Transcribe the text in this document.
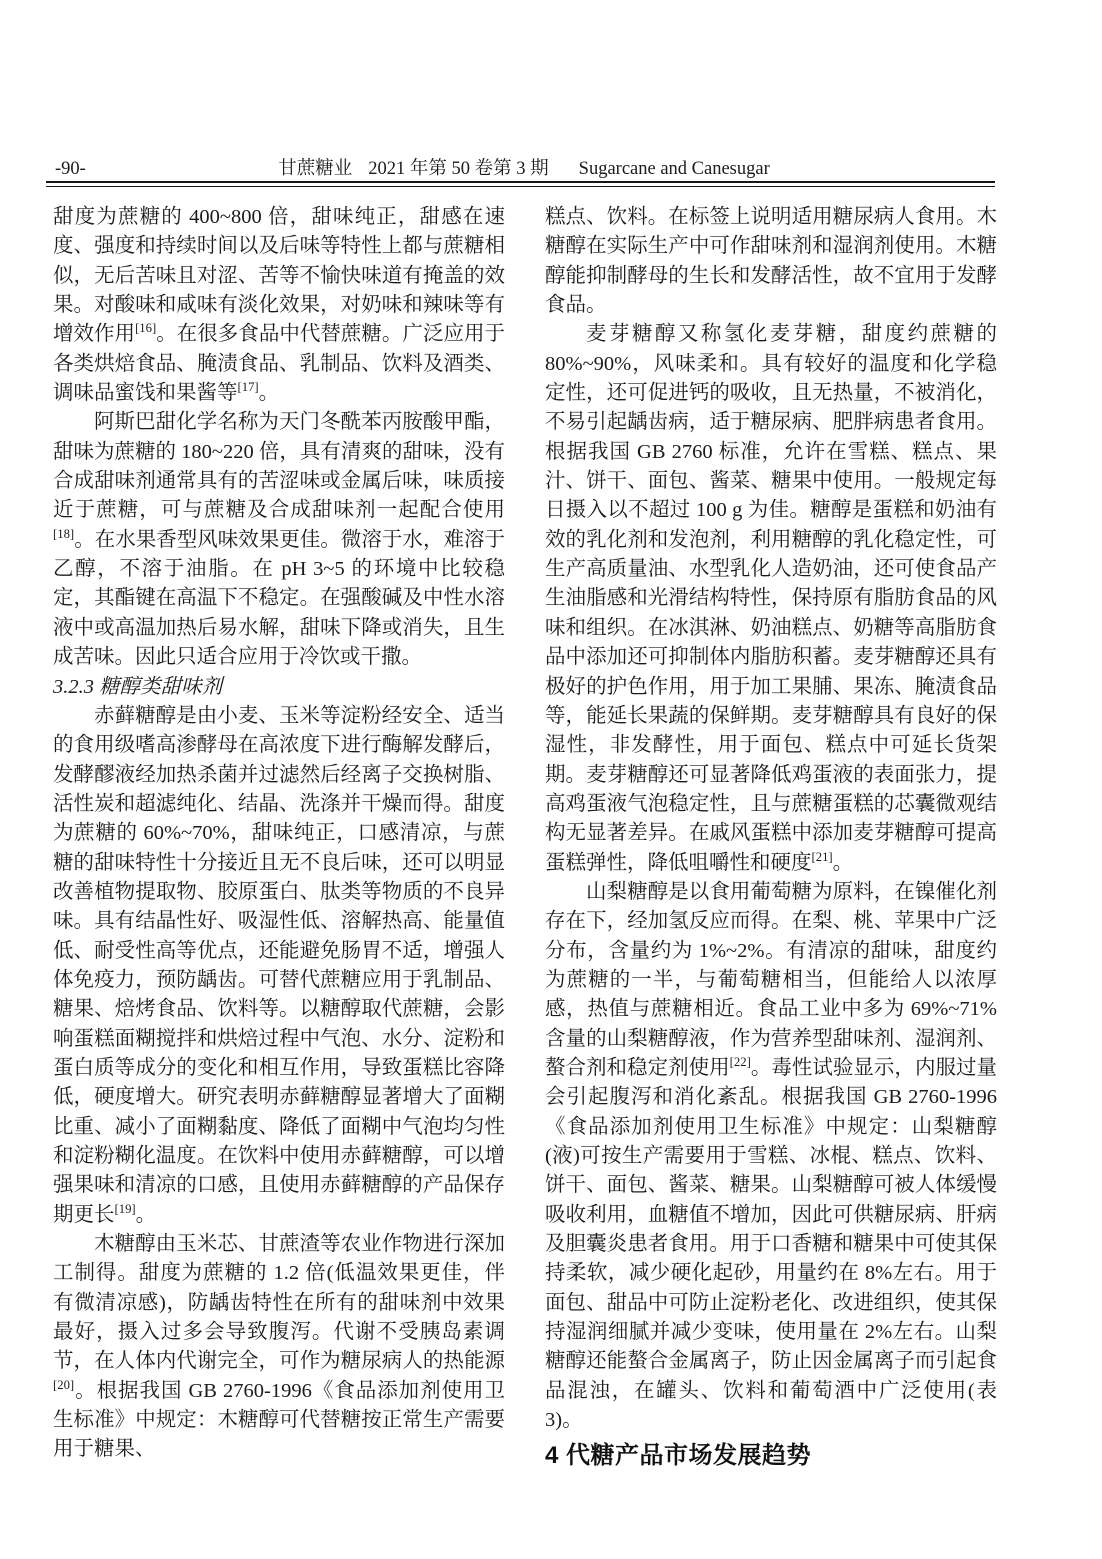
-90-	甘蔗糖业 2021 年第 50 卷第 3 期 Sugarcane and Canesugar

甜度为蔗糖的 400~800 倍，甜味纯正，甜感在速度、强度和持续时间以及后味等特性上都与蔗糖相似，无后苦味且对涩、苦等不愉快味道有掩盖的效果。对酸味和咸味有淡化效果，对奶味和辣味等有增效作用[16]。在很多食品中代替蔗糖。广泛应用于各类烘焙食品、腌渍食品、乳制品、饮料及酒类、调味品蜜饯和果酱等[17]。

阿斯巴甜化学名称为天门冬酰苯丙胺酸甲酯，甜味为蔗糖的 180~220 倍，具有清爽的甜味，没有合成甜味剂通常具有的苦涩味或金属后味，味质接近于蔗糖，可与蔗糖及合成甜味剂一起配合使用[18]。在水果香型风味效果更佳。微溶于水，难溶于乙醇，不溶于油脂。在 pH 3~5 的环境中比较稳定，其酯键在高温下不稳定。在强酸碱及中性水溶液中或高温加热后易水解，甜味下降或消失，且生成苦味。因此只适合应用于冷饮或干撒。

3.2.3 糖醇类甜味剂

赤藓糖醇是由小麦、玉米等淀粉经安全、适当的食用级嗜高渗酵母在高浓度下进行酶解发酵后，发酵醪液经加热杀菌并过滤然后经离子交换树脂、活性炭和超滤纯化、结晶、洗涤并干燥而得。甜度为蔗糖的 60%~70%，甜味纯正，口感清凉，与蔗糖的甜味特性十分接近且无不良后味，还可以明显改善植物提取物、胶原蛋白、肽类等物质的不良异味。具有结晶性好、吸湿性低、溶解热高、能量值低、耐受性高等优点，还能避免肠胃不适，增强人体免疫力，预防龋齿。可替代蔗糖应用于乳制品、糖果、焙烤食品、饮料等。以糖醇取代蔗糖，会影响蛋糕面糊搅拌和烘焙过程中气泡、水分、淀粉和蛋白质等成分的变化和相互作用，导致蛋糕比容降低，硬度增大。研究表明赤藓糖醇显著增大了面糊比重、减小了面糊黏度、降低了面糊中气泡均匀性和淀粉糊化温度。在饮料中使用赤藓糖醇，可以增强果味和清凉的口感，且使用赤藓糖醇的产品保存期更长[19]。

木糖醇由玉米芯、甘蔗渣等农业作物进行深加工制得。甜度为蔗糖的 1.2 倍(低温效果更佳，伴有微清凉感)，防龋齿特性在所有的甜味剂中效果最好，摄入过多会导致腹泻。代谢不受胰岛素调节，在人体内代谢完全，可作为糖尿病人的热能源[20]。根据我国 GB 2760-1996《食品添加剂使用卫生标准》中规定：木糖醇可代替糖按正常生产需要用于糖果、

糕点、饮料。在标签上说明适用糖尿病人食用。木糖醇在实际生产中可作甜味剂和湿润剂使用。木糖醇能抑制酵母的生长和发酵活性，故不宜用于发酵食品。

麦芽糖醇又称氢化麦芽糖，甜度约蔗糖的 80%~90%，风味柔和。具有较好的温度和化学稳定性，还可促进钙的吸收，且无热量，不被消化，不易引起龋齿病，适于糖尿病、肥胖病患者食用。根据我国 GB 2760 标准，允许在雪糕、糕点、果汁、饼干、面包、酱菜、糖果中使用。一般规定每日摄入以不超过 100 g 为佳。糖醇是蛋糕和奶油有效的乳化剂和发泡剂，利用糖醇的乳化稳定性，可生产高质量油、水型乳化人造奶油，还可使食品产生油脂感和光滑结构特性，保持原有脂肪食品的风味和组织。在冰淇淋、奶油糕点、奶糖等高脂肪食品中添加还可抑制体内脂肪积蓄。麦芽糖醇还具有极好的护色作用，用于加工果脯、果冻、腌渍食品等，能延长果蔬的保鲜期。麦芽糖醇具有良好的保湿性，非发酵性，用于面包、糕点中可延长货架期。麦芽糖醇还可显著降低鸡蛋液的表面张力，提高鸡蛋液气泡稳定性，且与蔗糖蛋糕的芯囊微观结构无显著差异。在戚风蛋糕中添加麦芽糖醇可提高蛋糕弹性，降低咀嚼性和硬度[21]。

山梨糖醇是以食用葡萄糖为原料，在镍催化剂存在下，经加氢反应而得。在梨、桃、苹果中广泛分布，含量约为 1%~2%。有清凉的甜味，甜度约为蔗糖的一半，与葡萄糖相当，但能给人以浓厚感，热值与蔗糖相近。食品工业中多为 69%~71%含量的山梨糖醇液，作为营养型甜味剂、湿润剂、螯合剂和稳定剂使用[22]。毒性试验显示，内服过量会引起腹泻和消化紊乱。根据我国 GB 2760-1996《食品添加剂使用卫生标准》中规定：山梨糖醇(液)可按生产需要用于雪糕、冰棍、糕点、饮料、饼干、面包、酱菜、糖果。山梨糖醇可被人体缓慢吸收利用，血糖值不增加，因此可供糖尿病、肝病及胆囊炎患者食用。用于口香糖和糖果中可使其保持柔软，减少硬化起砂，用量约在 8%左右。用于面包、甜品中可防止淀粉老化、改进组织，使其保持湿润细腻并减少变味，使用量在 2%左右。山梨糖醇还能螯合金属离子，防止因金属离子而引起食品混浊，在罐头、饮料和葡萄酒中广泛使用(表 3)。

4 代糖产品市场发展趋势
